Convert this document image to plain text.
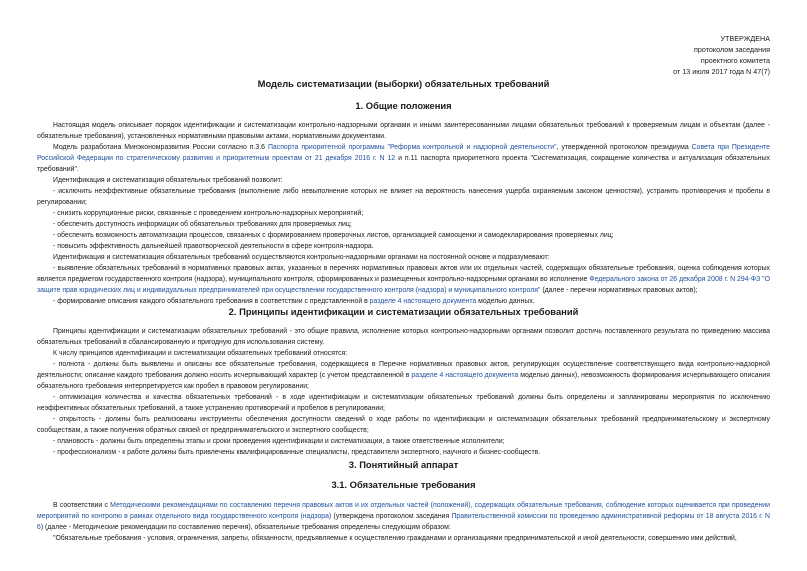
УТВЕРЖДЕНА
протоколом заседания
проектного комитета
от 13 июля 2017 года N 47(7)
Модель систематизации (выборки) обязательных требований
1. Общие положения
Настоящая модель описывает порядок идентификации и систематизации контрольно-надзорными органами и иными заинтересованными лицами обязательных требований к проверяемым лицам и объектам (далее - обязательные требования), установленных нормативными правовыми актами, нормативными документами.
Модель разработана Минэкономразвития России согласно п.3.6 Паспорта приоритетной программы "Реформа контрольной и надзорной деятельности", утвержденной протоколом президиума Совета при Президенте Российской Федерации по стратегическому развитию и приоритетным проектам от 21 декабря 2016 г. N 12 и п.11 паспорта приоритетного проекта "Систематизация, сокращение количества и актуализация обязательных требований".
Идентификация и систематизация обязательных требований позволит:
- исключить неэффективные обязательные требования (выполнение либо невыполнение которых не влияет на вероятность нанесения ущерба охраняемым законом ценностям), устранить противоречия и пробелы в регулировании;
- снизить коррупционные риски, связанные с проведением контрольно-надзорных мероприятий;
- обеспечить доступность информации об обязательных требованиях для проверяемых лиц;
- обеспечить возможность автоматизации процессов, связанных с формированием проверочных листов, организацией самооценки и самодекларирования проверяемых лиц;
- повысить эффективность дальнейшей правотворческой деятельности в сфере контроля-надзора.
Идентификация и систематизация обязательных требований осуществляются контрольно-надзорными органами на постоянной основе и подразумевают:
- выявление обязательных требований в нормативных правовых актах, указанных в перечнях нормативных правовых актов или их отдельных частей, содержащих обязательные требования, оценка соблюдения которых является предметом государственного контроля (надзора), муниципального контроля, сформированных и размещенных контрольно-надзорными органами во исполнение Федерального закона от 26 декабря 2008 г. N 294-ФЗ "О защите прав юридических лиц и индивидуальных предпринимателей при осуществлении государственного контроля (надзора) и муниципального контроля" (далее - перечни нормативных правовых актов);
- формирование описания каждого обязательного требования в соответствии с представленной в разделе 4 настоящего документа моделью данных.
2. Принципы идентификации и систематизации обязательных требований
Принципы идентификации и систематизации обязательных требований - это общие правила, исполнение которых контрольно-надзорными органами позволит достичь поставленного результата по приведению массива обязательных требований в сбалансированную и пригодную для использования систему.
К числу принципов идентификации и систематизации обязательных требований относятся:
- полнота - должны быть выявлены и описаны все обязательные требования, содержащиеся в Перечне нормативных правовых актов, регулирующих осуществление соответствующего вида контрольно-надзорной деятельности; описание каждого требования должно носить исчерпывающий характер (с учетом представленной в разделе 4 настоящего документа моделью данных), невозможность формирования исчерпывающего описания обязательного требования интерпретируется как пробел в правовом регулировании;
- оптимизация количества и качества обязательных требований - в ходе идентификации и систематизации обязательных требований должны быть определены и запланированы мероприятия по исключению неэффективных обязательных требований, а также устранению противоречий и пробелов в регулировании;
- открытость - должны быть реализованы инструменты обеспечения доступности сведений о ходе работы по идентификации и систематизации обязательных требований предпринимательскому и экспертному сообществам, а также получения обратных связей от предпринимательского и экспертного сообществ;
- плановость - должны быть определены этапы и сроки проведения идентификации и систематизации, а также ответственные исполнители;
- профессионализм - к работе должны быть привлечены квалифицированные специалисты, представители экспертного, научного и бизнес-сообществ.
3. Понятийный аппарат
3.1. Обязательные требования
В соответствии с Методическими рекомендациями по составлению перечня правовых актов и их отдельных частей (положений), содержащих обязательные требования, соблюдение которых оценивается при проведении мероприятий по контролю в рамках отдельного вида государственного контроля (надзора) (утверждена протоколом заседания Правительственной комиссии по проведению административной реформы от 18 августа 2016 г. N 6) (далее - Методические рекомендации по составлению перечня), обязательные требования определены следующим образом:
"Обязательные требования - условия, ограничения, запреты, обязанности, предъявляемые к осуществлению гражданами и организациями предпринимательской и иной деятельности, совершению ими действий,
